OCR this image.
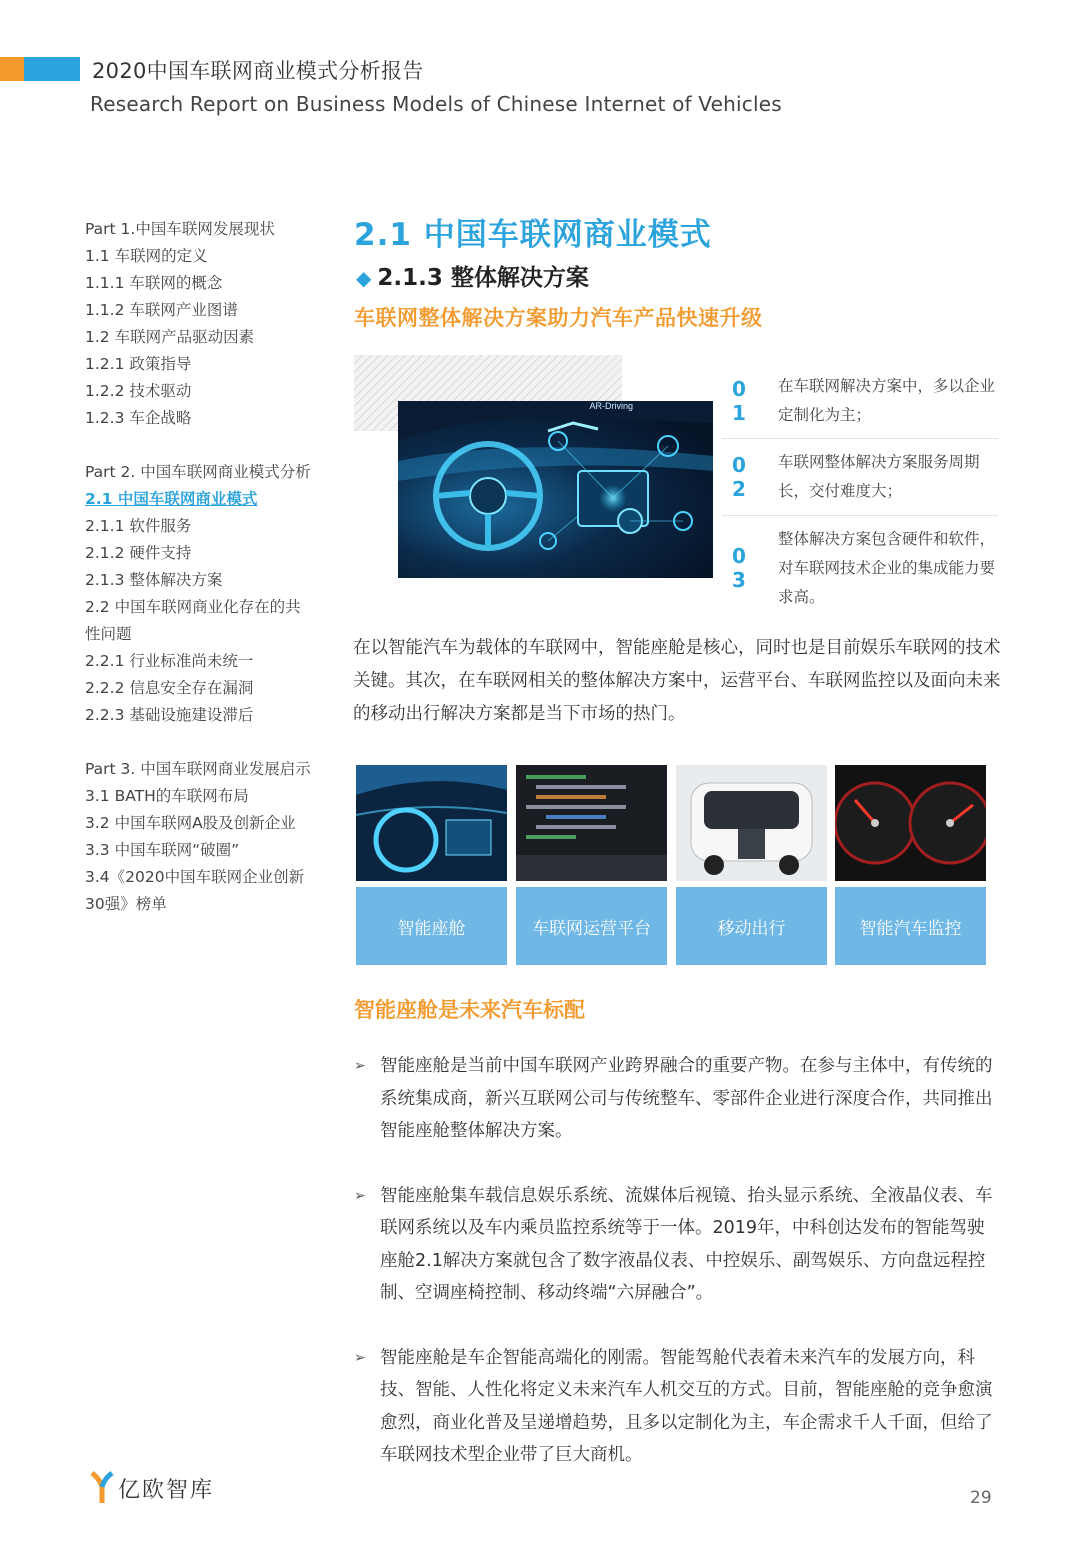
2020中国车联网商业模式分析报告
Research Report on Business Models of Chinese Internet of Vehicles
Part 1.中国车联网发展现状
1.1 车联网的定义
1.1.1 车联网的概念
1.1.2 车联网产业图谱
1.2 车联网产品驱动因素
1.2.1 政策指导
1.2.2 技术驱动
1.2.3 车企战略
Part 2. 中国车联网商业模式分析
2.1 中国车联网商业模式
2.1.1 软件服务
2.1.2 硬件支持
2.1.3 整体解决方案
2.2 中国车联网商业化存在的共
性问题
2.2.1 行业标准尚未统一
2.2.2 信息安全存在漏洞
2.2.3 基础设施建设滞后
Part 3. 中国车联网商业发展启示
3.1 BATH的车联网布局
3.2 中国车联网A股及创新企业
3.3 中国车联网“破圈”
3.4《2020中国车联网企业创新
30强》榜单
2.1 中国车联网商业模式
◆ 2.1.3 整体解决方案
车联网整体解决方案助力汽车产品快速升级
AR-Driving
0 1
在车联网解决方案中，多以企业定制化为主；
0 2
车联网整体解决方案服务周期长，交付难度大；
0 3
整体解决方案包含硬件和软件，对车联网技术企业的集成能力要求高。
在以智能汽车为载体的车联网中，智能座舱是核心，同时也是目前娱乐车联网的技术关键。其次，在车联网相关的整体解决方案中，运营平台、车联网监控以及面向未来的移动出行解决方案都是当下市场的热门。
智能座舱	车联网运营平台	移动出行	智能汽车监控
智能座舱是未来汽车标配
➢ 智能座舱是当前中国车联网产业跨界融合的重要产物。在参与主体中，有传统的系统集成商，新兴互联网公司与传统整车、零部件企业进行深度合作，共同推出智能座舱整体解决方案。
➢ 智能座舱集车载信息娱乐系统、流媒体后视镜、抬头显示系统、全液晶仪表、车联网系统以及车内乘员监控系统等于一体。2019年，中科创达发布的智能驾驶座舱2.1解决方案就包含了数字液晶仪表、中控娱乐、副驾娱乐、方向盘远程控制、空调座椅控制、移动终端“六屏融合”。
➢ 智能座舱是车企智能高端化的刚需。智能驾舱代表着未来汽车的发展方向，科技、智能、人性化将定义未来汽车人机交互的方式。目前，智能座舱的竞争愈演愈烈，商业化普及呈递增趋势，且多以定制化为主，车企需求千人千面，但给了车联网技术型企业带了巨大商机。
亿欧智库	29
